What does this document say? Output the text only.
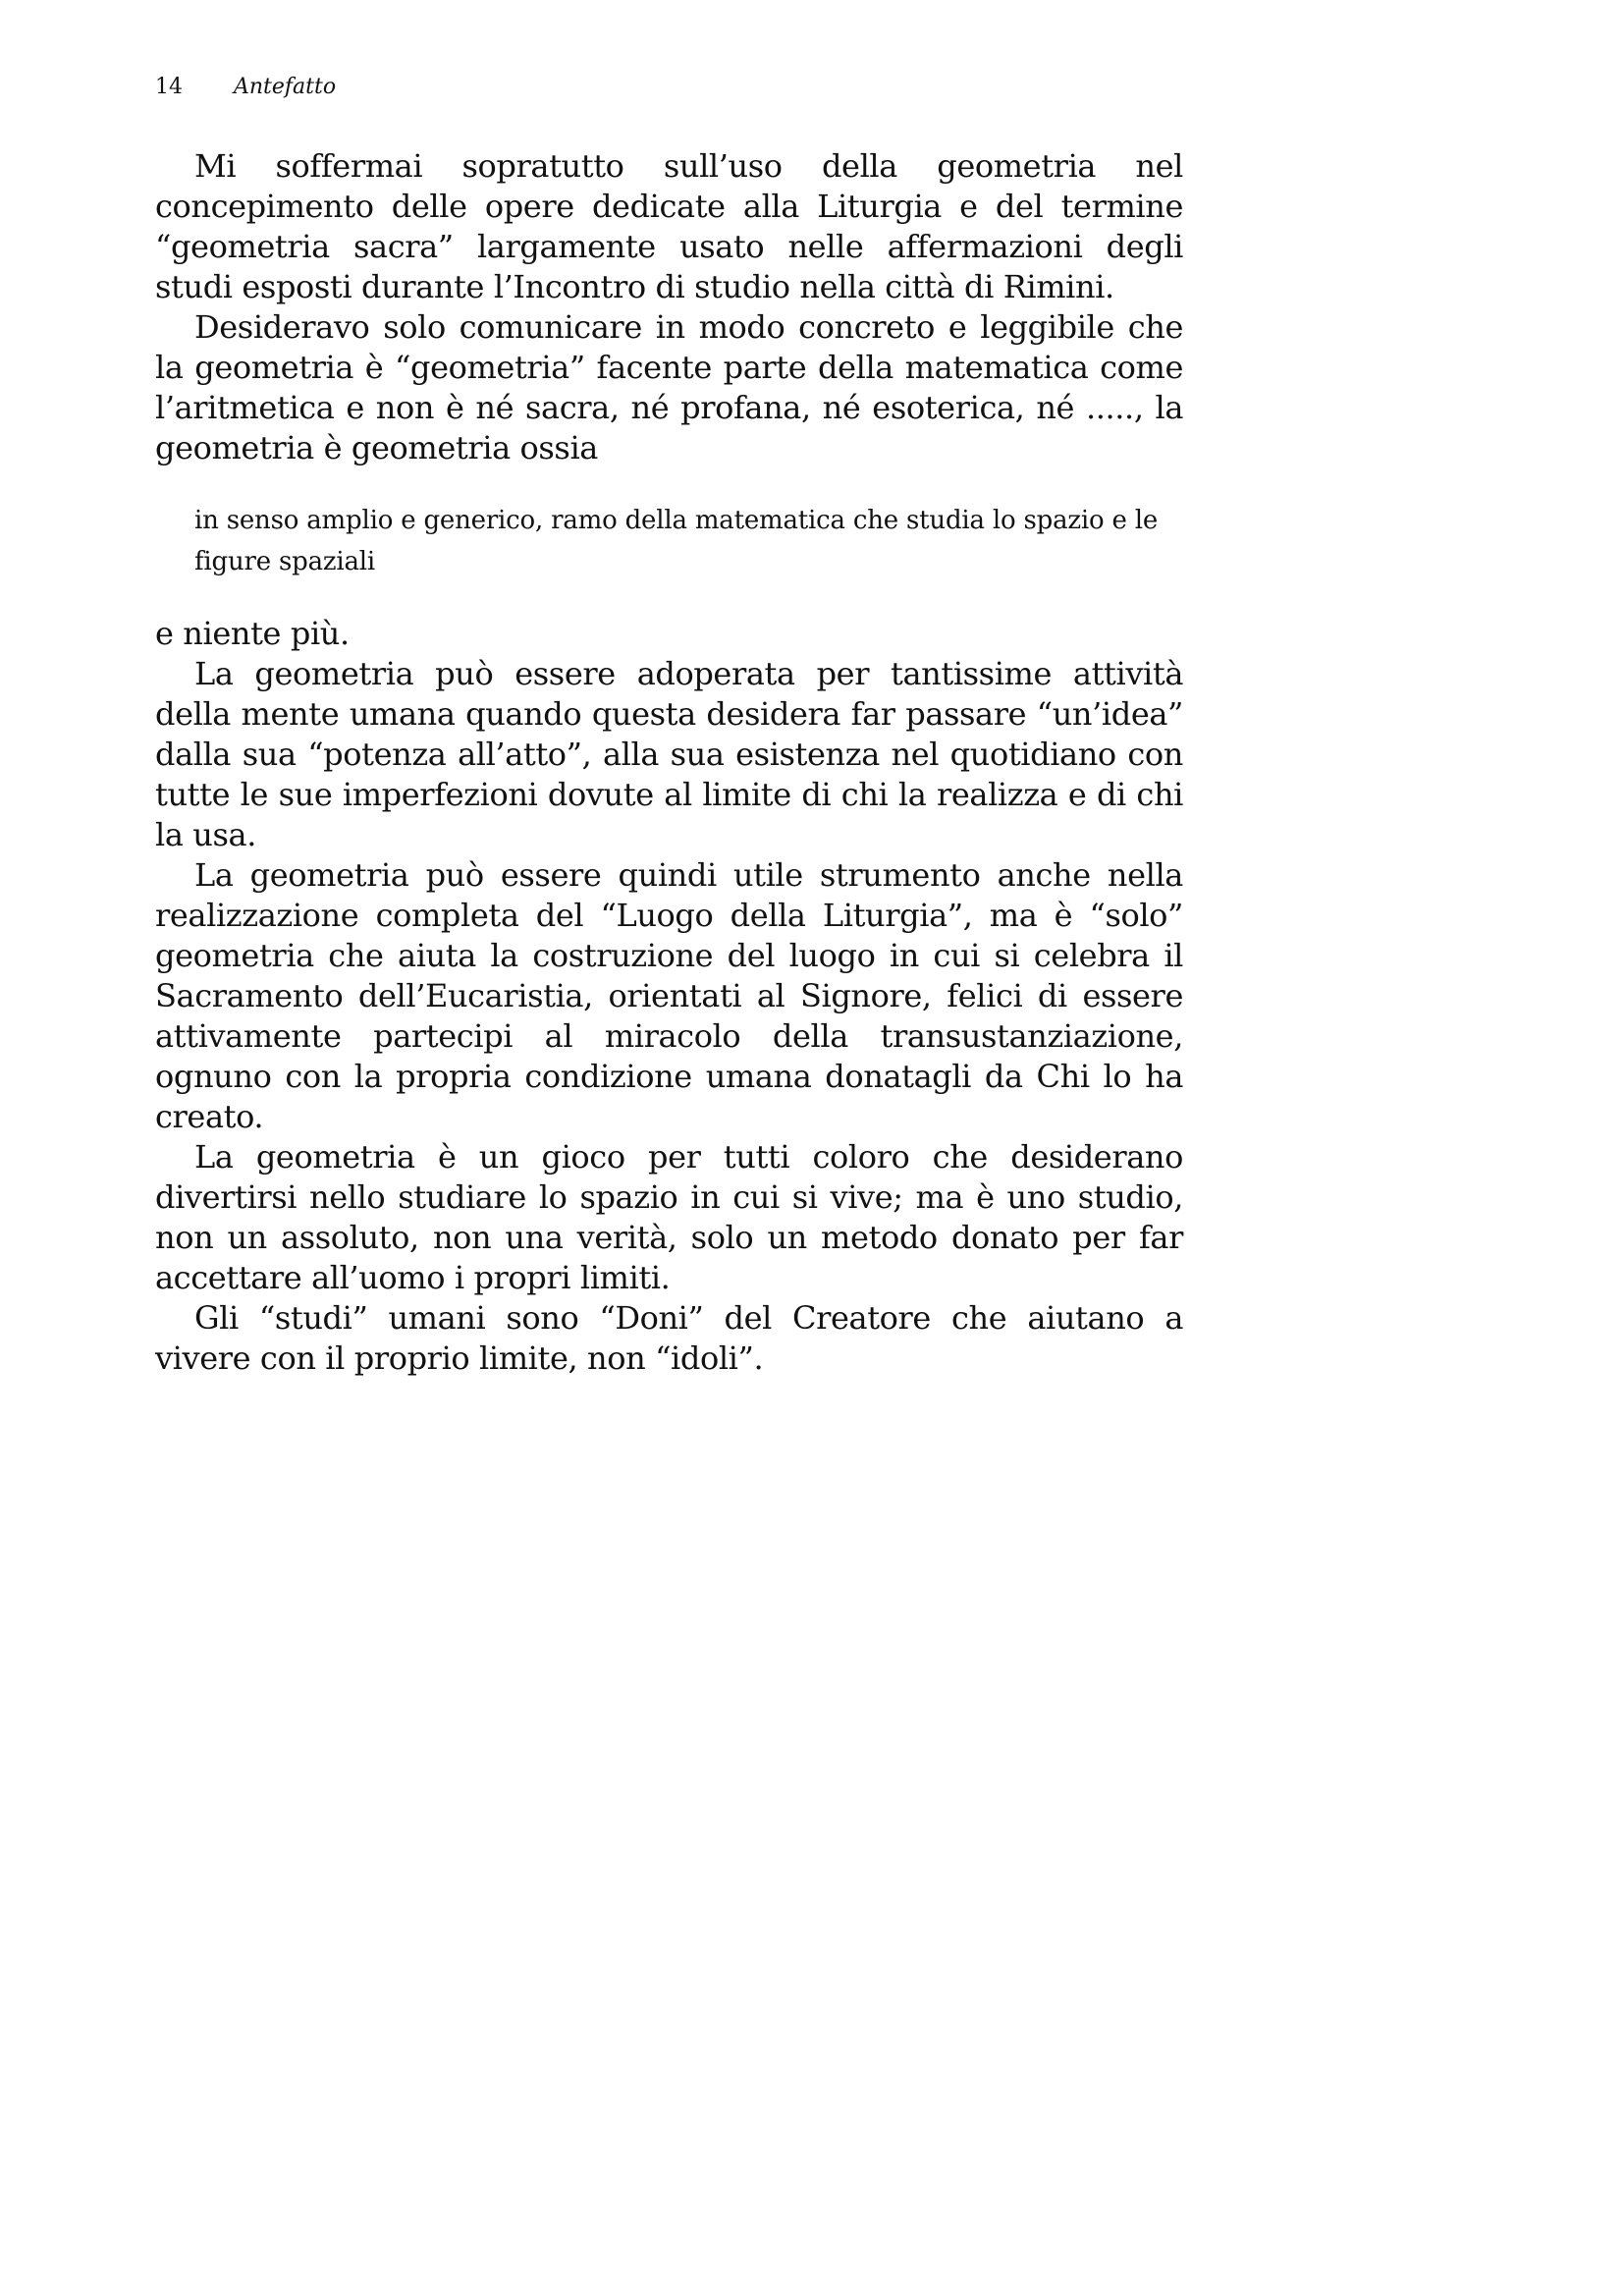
14 Antefatto

Mi soffermai sopratutto sull’uso della geometria nel concepimento delle opere dedicate alla Liturgia e del termine “geometria sacra” largamente usato nelle affermazioni degli studi esposti durante l’Incontro di studio nella città di Rimini.

Desideravo solo comunicare in modo concreto e leggibile che la geometria è “geometria” facente parte della matematica come l’aritmetica e non è né sacra, né profana, né esoterica, né ....., la geometria è geometria ossia

in senso amplio e generico, ramo della matematica che studia lo spazio e le figure spaziali

e niente più.

La geometria può essere adoperata per tantissime attività della mente umana quando questa desidera far passare “un’idea” dalla sua “potenza all’atto”, alla sua esistenza nel quotidiano con tutte le sue imperfezioni dovute al limite di chi la realizza e di chi la usa.

La geometria può essere quindi utile strumento anche nella realizzazione completa del “Luogo della Liturgia”, ma è “solo” geometria che aiuta la costruzione del luogo in cui si celebra il Sacramento dell’Eucaristia, orientati al Signore, felici di essere attivamente partecipi al miracolo della transustanziazione, ognuno con la propria condizione umana donatagli da Chi lo ha creato.

La geometria è un gioco per tutti coloro che desiderano divertirsi nello studiare lo spazio in cui si vive; ma è uno studio, non un assoluto, non una verità, solo un metodo donato per far accettare all’uomo i propri limiti.

Gli “studi” umani sono “Doni” del Creatore che aiutano a vivere con il proprio limite, non “idoli”.
